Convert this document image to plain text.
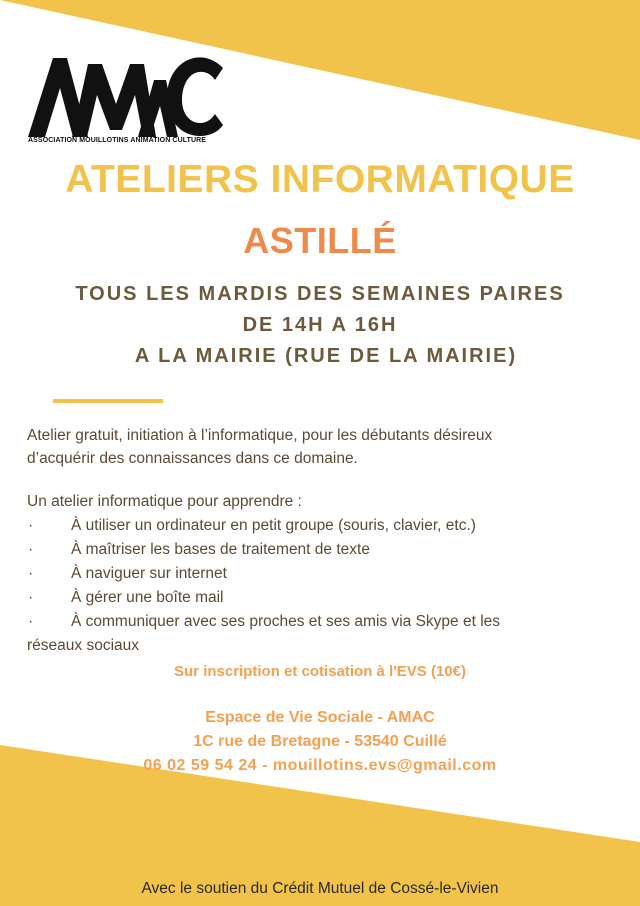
ASSOCIATION MOUILLOTINS ANIMATION CULTURE
ATELIERS INFORMATIQUE
ASTILLÉ
TOUS LES MARDIS DES SEMAINES PAIRES
DE 14H A 16H
A LA MAIRIE (RUE DE LA MAIRIE)
Atelier gratuit, initiation à l’informatique, pour les débutants désireux
d’acquérir des connaissances dans ce domaine.
Un atelier informatique pour apprendre :
· À utiliser un ordinateur en petit groupe (souris, clavier, etc.)
· À maîtriser les bases de traitement de texte
· À naviguer sur internet
· À gérer une boîte mail
· À communiquer avec ses proches et ses amis via Skype et les
réseaux sociaux
Sur inscription et cotisation à l'EVS (10€)
Espace de Vie Sociale - AMAC
1C rue de Bretagne - 53540 Cuillé
06 02 59 54 24 - mouillotins.evs@gmail.com
Avec le soutien du Crédit Mutuel de Cossé-le-Vivien
